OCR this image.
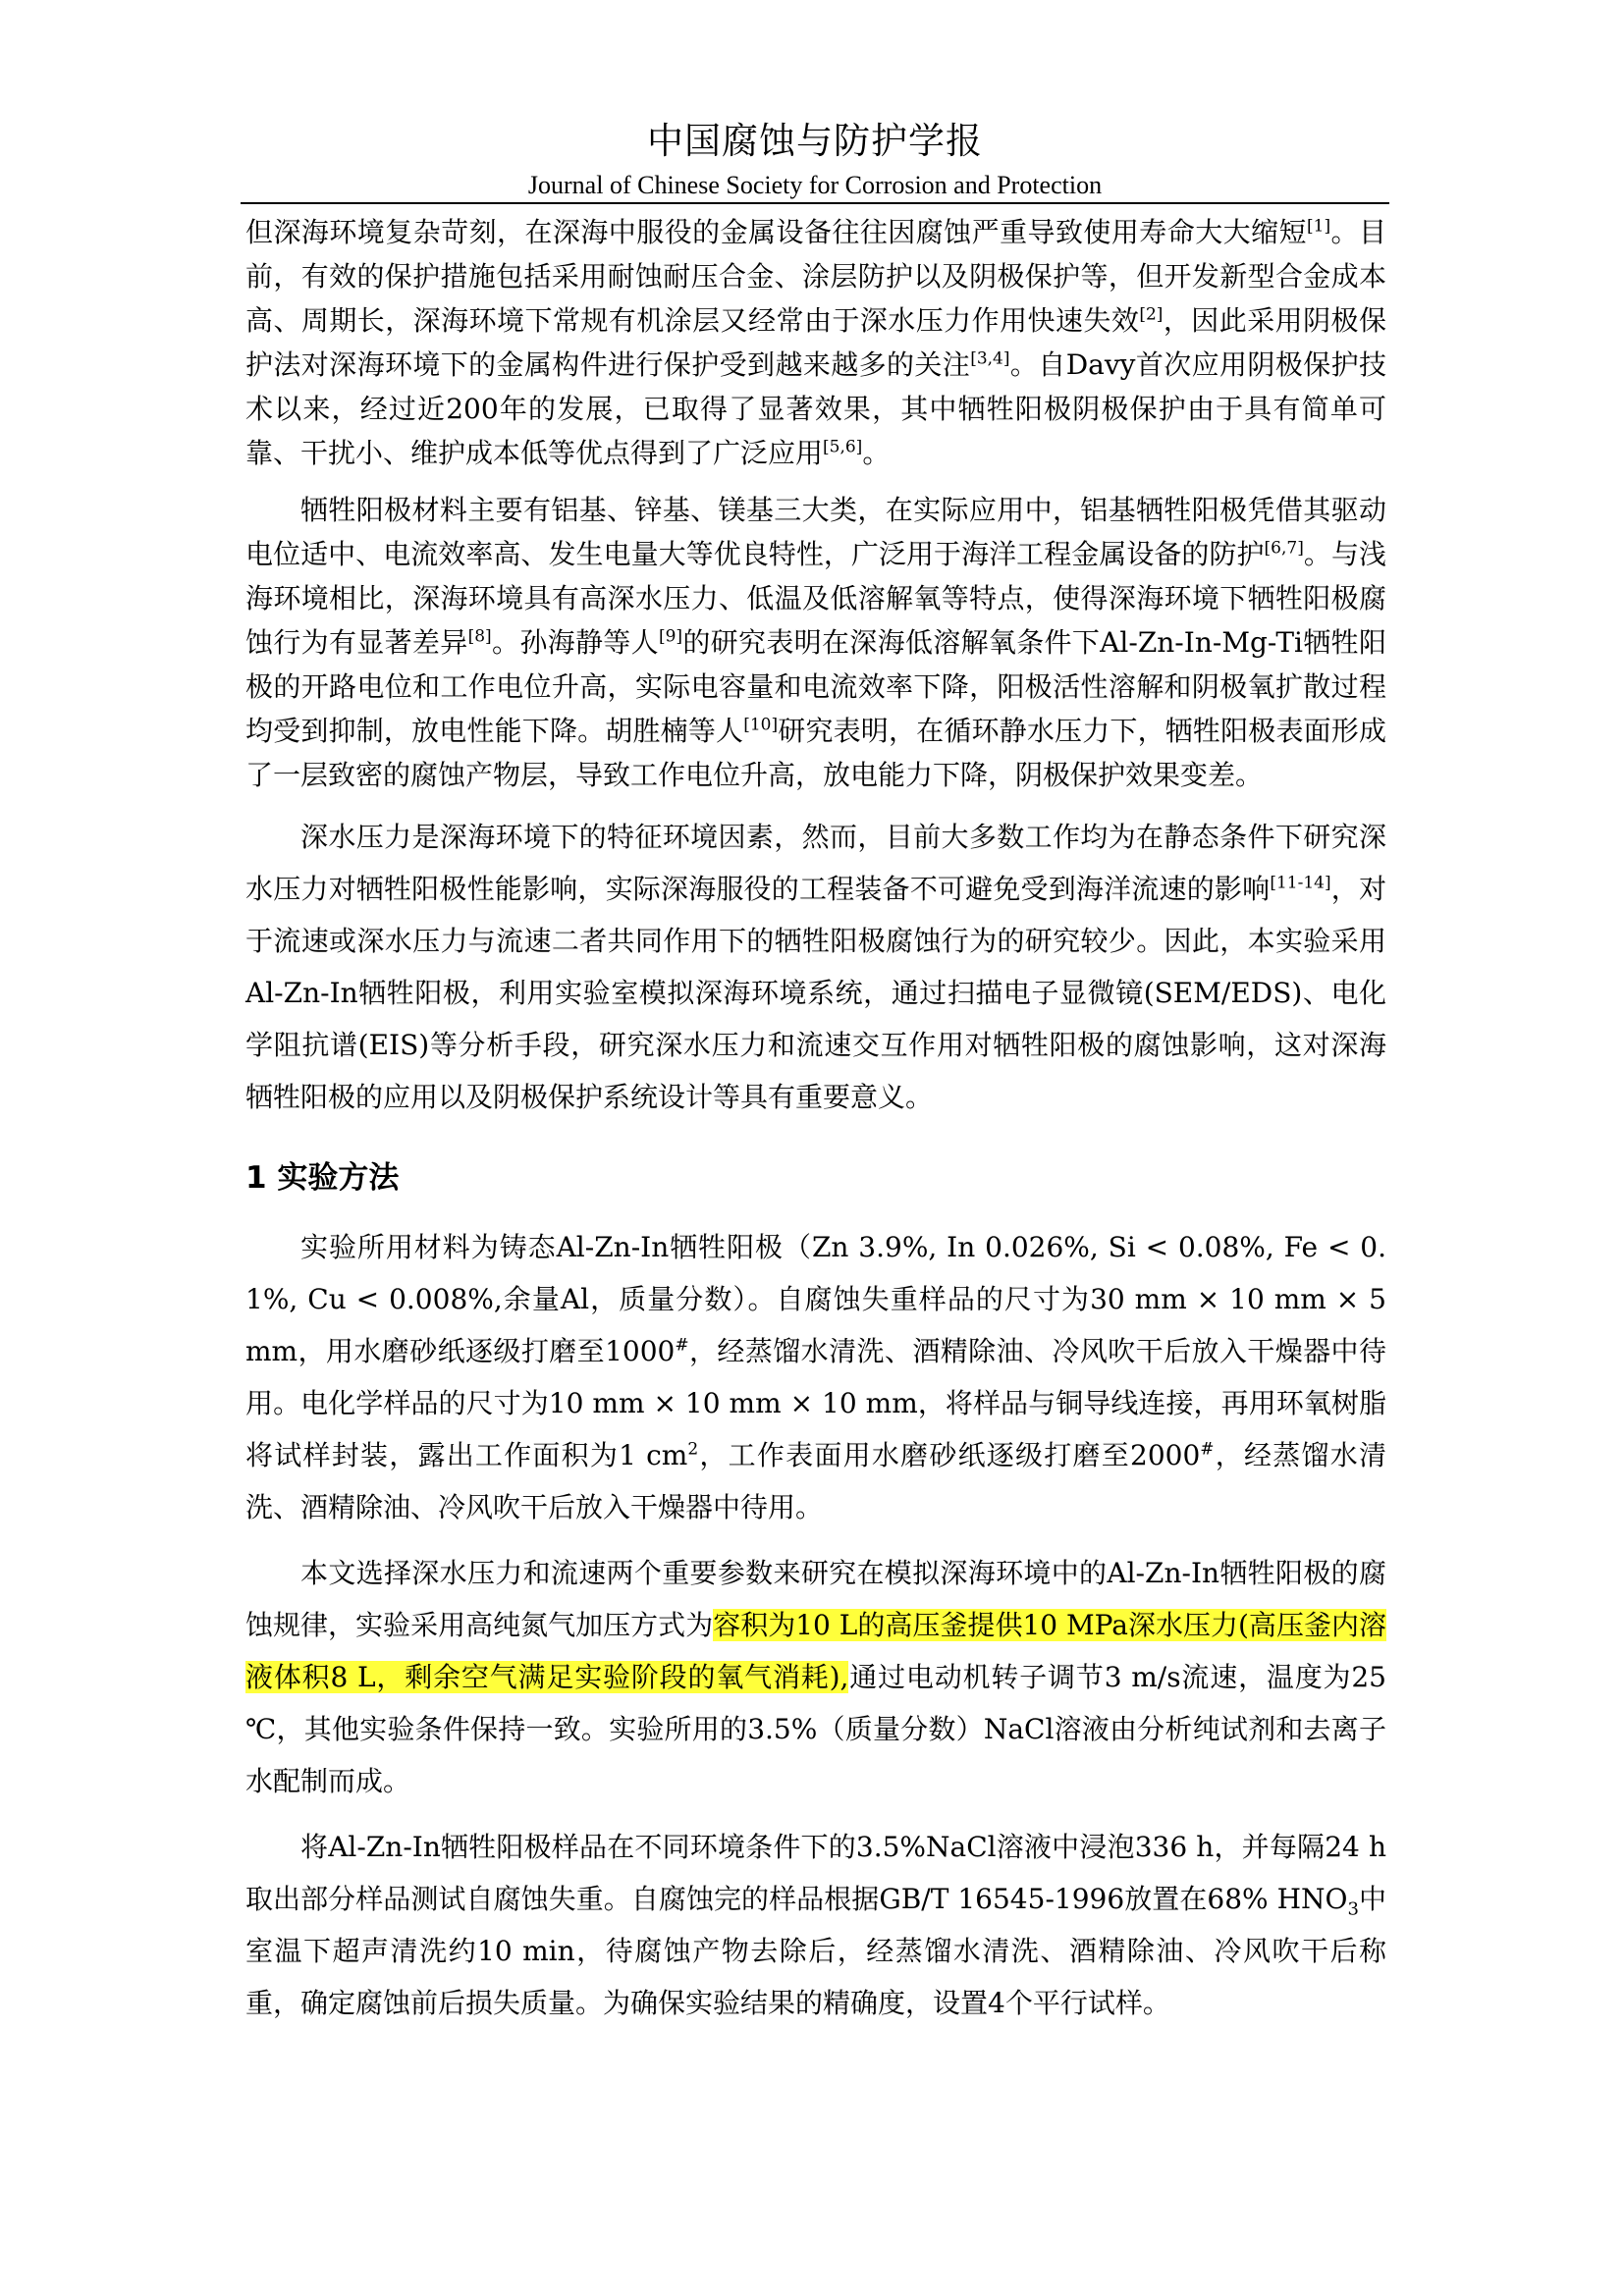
中国腐蚀与防护学报
Journal of Chinese Society for Corrosion and Protection

但深海环境复杂苛刻，在深海中服役的金属设备往往因腐蚀严重导致使用寿命大大缩短[1]。目前，有效的保护措施包括采用耐蚀耐压合金、涂层防护以及阴极保护等，但开发新型合金成本高、周期长，深海环境下常规有机涂层又经常由于深水压力作用快速失效[2]，因此采用阴极保护法对深海环境下的金属构件进行保护受到越来越多的关注[3,4]。自Davy首次应用阴极保护技术以来，经过近200年的发展，已取得了显著效果，其中牺牲阳极阴极保护由于具有简单可靠、干扰小、维护成本低等优点得到了广泛应用[5,6]。

牺牲阳极材料主要有铝基、锌基、镁基三大类，在实际应用中，铝基牺牲阳极凭借其驱动电位适中、电流效率高、发生电量大等优良特性，广泛用于海洋工程金属设备的防护[6,7]。与浅海环境相比，深海环境具有高深水压力、低温及低溶解氧等特点，使得深海环境下牺牲阳极腐蚀行为有显著差异[8]。孙海静等人[9]的研究表明在深海低溶解氧条件下Al-Zn-In-Mg-Ti牺牲阳极的开路电位和工作电位升高，实际电容量和电流效率下降，阳极活性溶解和阴极氧扩散过程均受到抑制，放电性能下降。胡胜楠等人[10]研究表明，在循环静水压力下，牺牲阳极表面形成了一层致密的腐蚀产物层，导致工作电位升高，放电能力下降，阴极保护效果变差。

深水压力是深海环境下的特征环境因素，然而，目前大多数工作均为在静态条件下研究深水压力对牺牲阳极性能影响，实际深海服役的工程装备不可避免受到海洋流速的影响[11-14]，对于流速或深水压力与流速二者共同作用下的牺牲阳极腐蚀行为的研究较少。因此，本实验采用Al-Zn-In牺牲阳极，利用实验室模拟深海环境系统，通过扫描电子显微镜(SEM/EDS)、电化学阻抗谱(EIS)等分析手段，研究深水压力和流速交互作用对牺牲阳极的腐蚀影响，这对深海牺牲阳极的应用以及阴极保护系统设计等具有重要意义。

1 实验方法

实验所用材料为铸态Al-Zn-In牺牲阳极（Zn 3.9%, In 0.026%, Si < 0.08%, Fe < 0.1%, Cu < 0.008%,余量Al，质量分数）。自腐蚀失重样品的尺寸为30 mm × 10 mm × 5 mm，用水磨砂纸逐级打磨至1000#，经蒸馏水清洗、酒精除油、冷风吹干后放入干燥器中待用。电化学样品的尺寸为10 mm × 10 mm × 10 mm，将样品与铜导线连接，再用环氧树脂将试样封装，露出工作面积为1 $cm^2$，工作表面用水磨砂纸逐级打磨至2000#，经蒸馏水清洗、酒精除油、冷风吹干后放入干燥器中待用。

本文选择深水压力和流速两个重要参数来研究在模拟深海环境中的Al-Zn-In牺牲阳极的腐蚀规律，实验采用高纯氮气加压方式为容积为10 L的高压釜提供10 MPa深水压力(高压釜内溶液体积8 L，剩余空气满足实验阶段的氧气消耗),通过电动机转子调节3 m/s流速，温度为25 ℃，其他实验条件保持一致。实验所用的3.5%（质量分数）NaCl溶液由分析纯试剂和去离子水配制而成。

将Al-Zn-In牺牲阳极样品在不同环境条件下的3.5%NaCl溶液中浸泡336 h，并每隔24 h取出部分样品测试自腐蚀失重。自腐蚀完的样品根据GB/T 16545-1996放置在68% $HNO_3$中室温下超声清洗约10 min，待腐蚀产物去除后，经蒸馏水清洗、酒精除油、冷风吹干后称重，确定腐蚀前后损失质量。为确保实验结果的精确度，设置4个平行试样。
